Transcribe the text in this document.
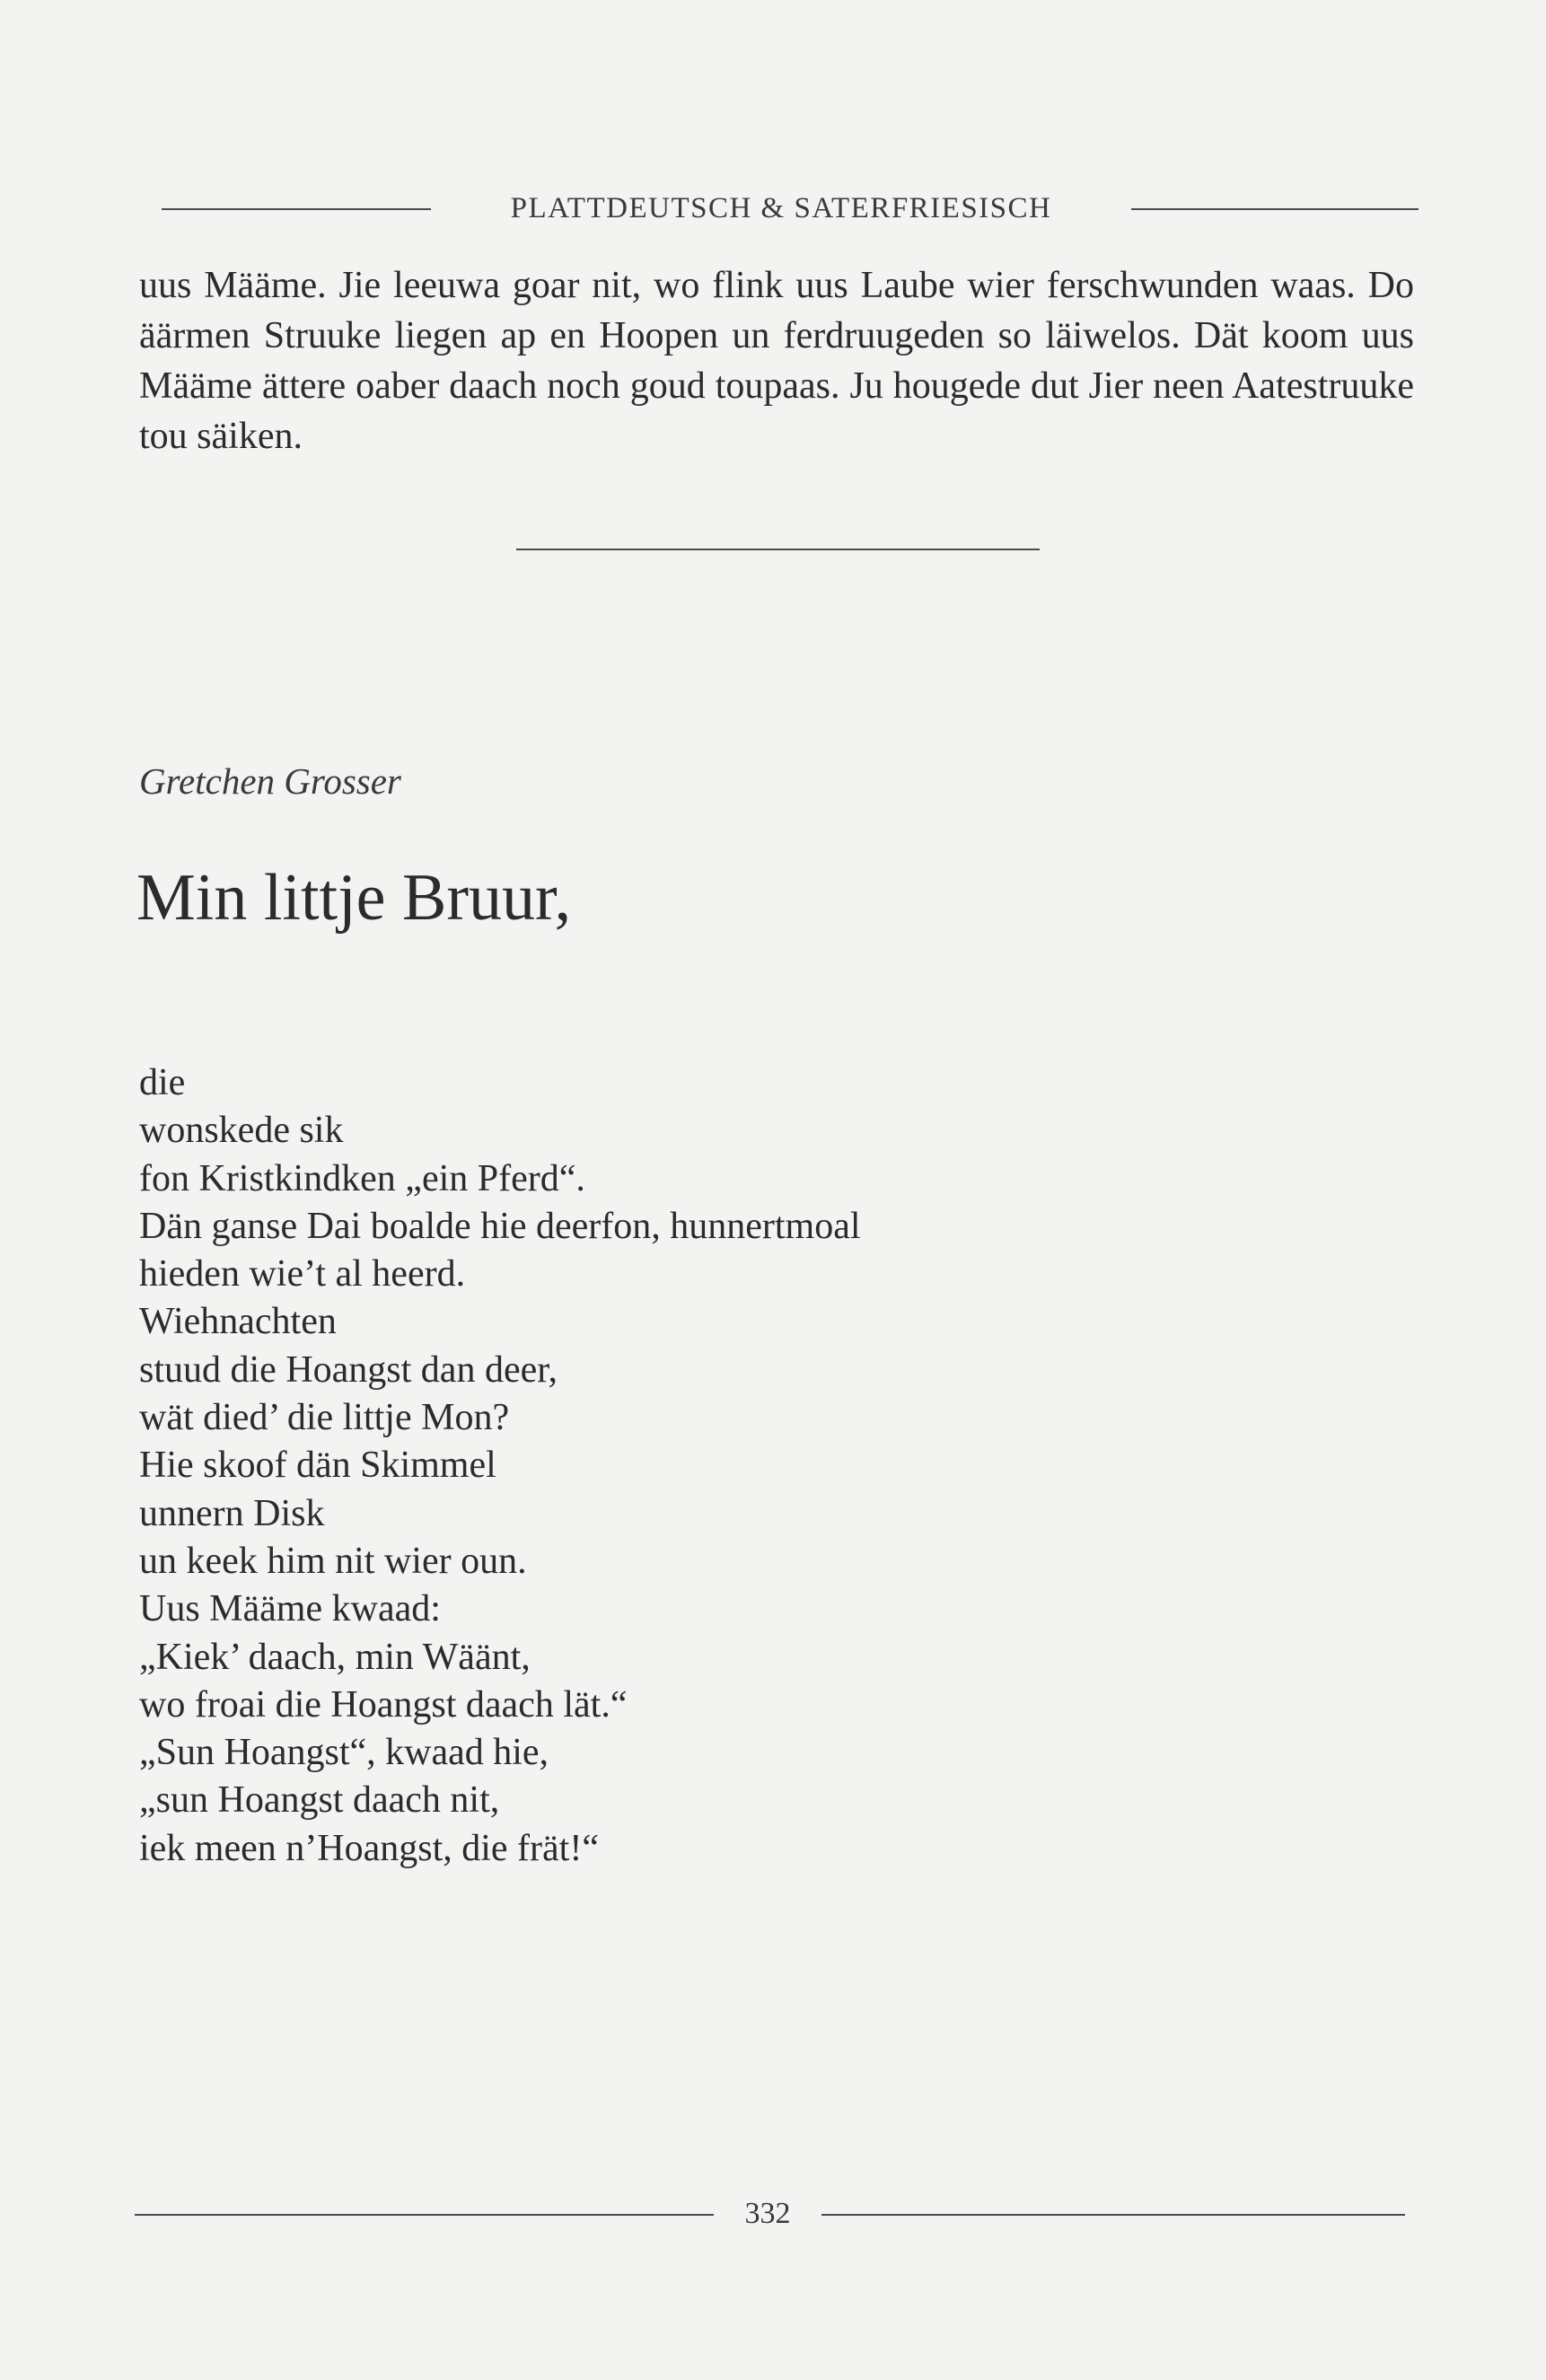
PLATTDEUTSCH & SATERFRIESISCH

uus Määme. Jie leeuwa goar nit, wo flink uus Laube wier ferschwunden waas. Do äärmen Struuke liegen ap en Hoopen un ferdruugeden so läiwelos. Dät koom uus Määme ättere oaber daach noch goud toupaas. Ju hougede dut Jier neen Aatestruuke tou säiken.

Gretchen Grosser
Min littje Bruur,
die
wonskede sik
fon Kristkindken „ein Pferd“.
Dän ganse Dai boalde hie deerfon, hunnertmoal
hieden wie’t al heerd.
Wiehnachten
stuud die Hoangst dan deer,
wät died’ die littje Mon?
Hie skoof dän Skimmel
unnern Disk
un keek him nit wier oun.
Uus Määme kwaad:
„Kiek’ daach, min Wäänt,
wo froai die Hoangst daach lät.“
„Sun Hoangst“, kwaad hie,
„sun Hoangst daach nit,
iek meen n’Hoangst, die frät!“
332
